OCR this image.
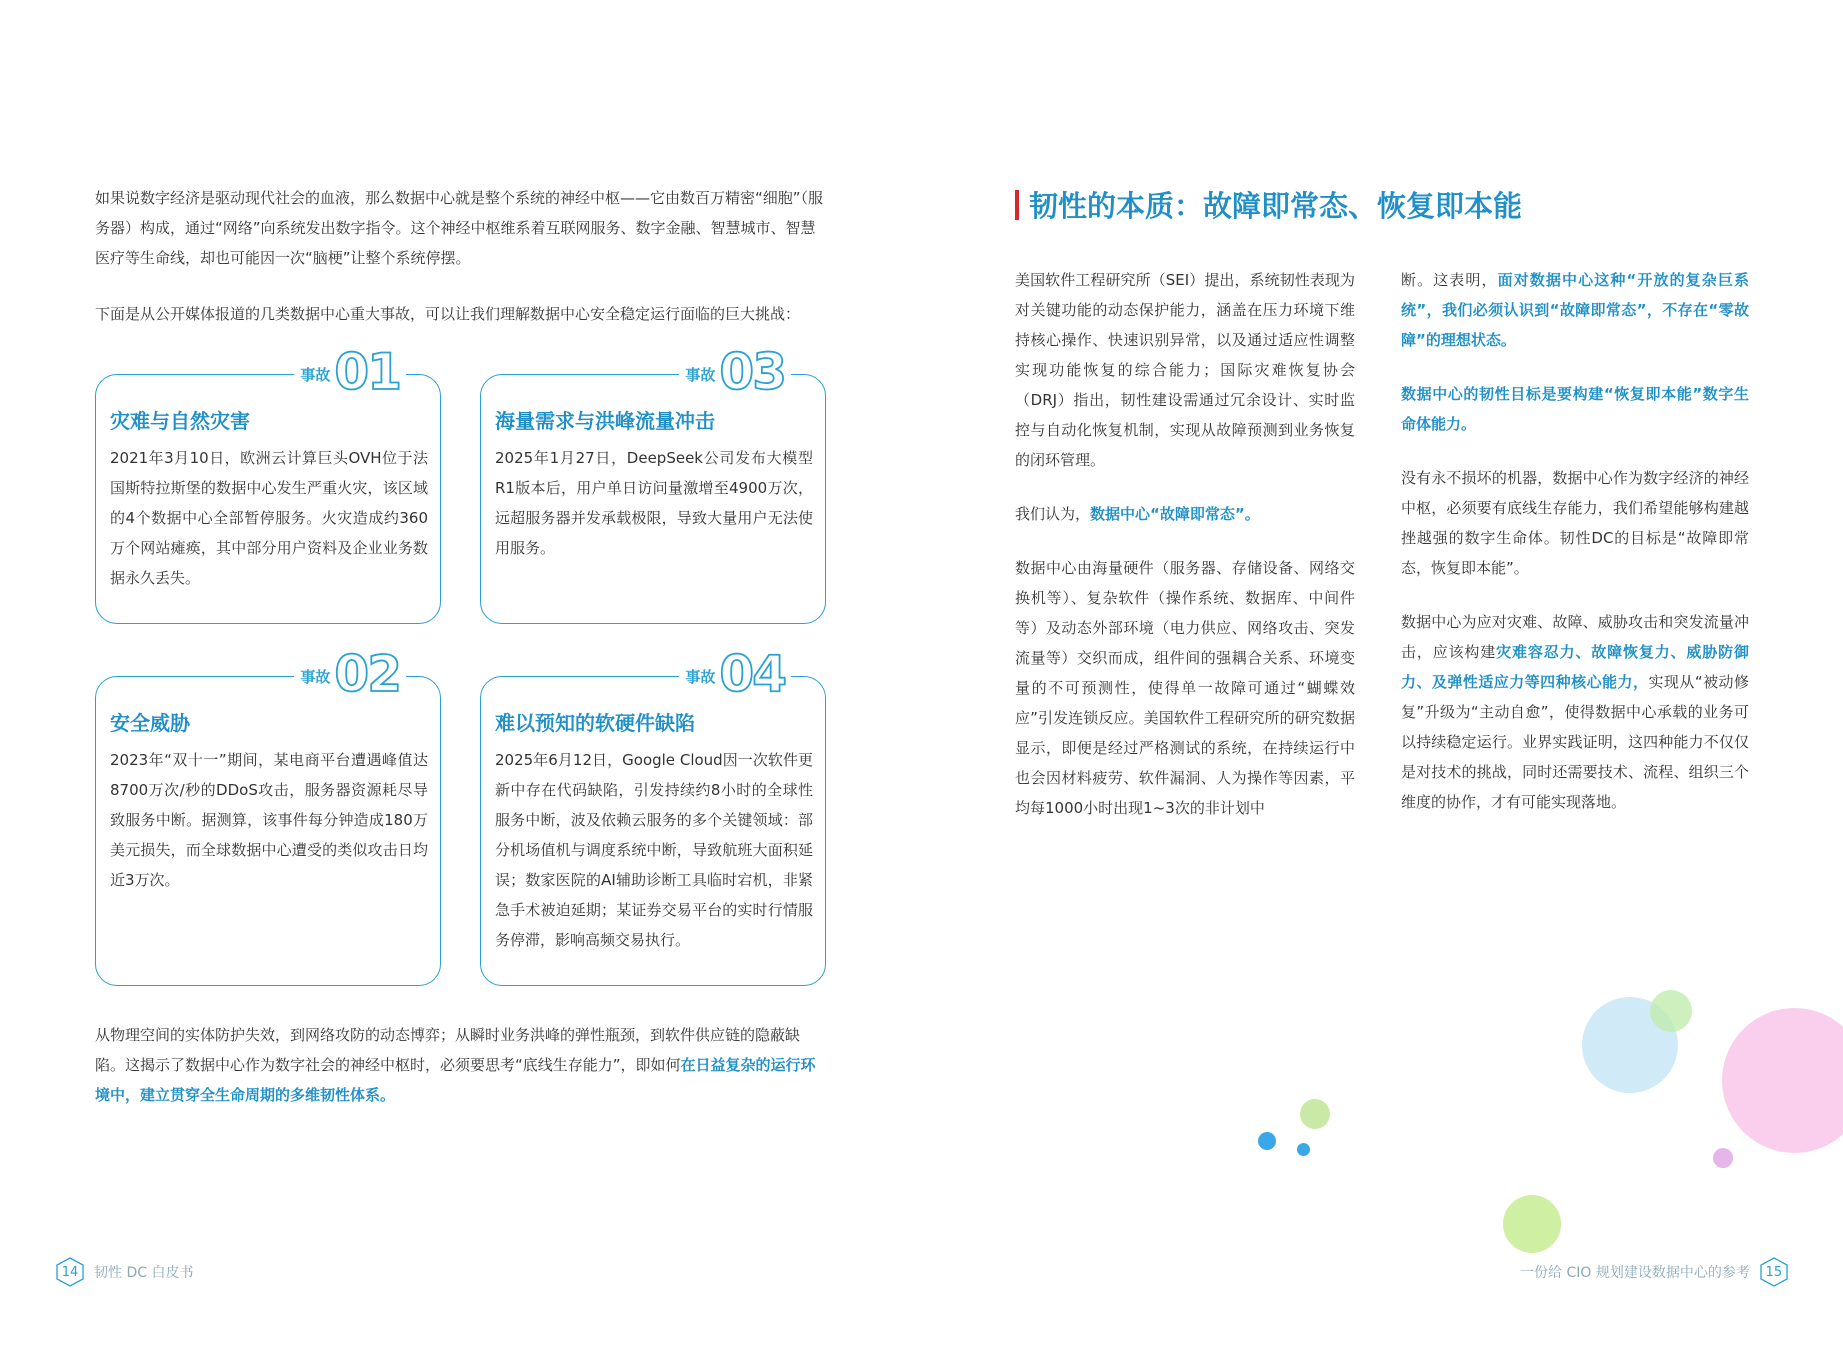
如果说数字经济是驱动现代社会的血液，那么数据中心就是整个系统的神经中枢——它由数百万精密“细胞”（服务器）构成，通过“网络”向系统发出数字指令。这个神经中枢维系着互联网服务、数字金融、智慧城市、智慧医疗等生命线，却也可能因一次“脑梗”让整个系统停摆。
下面是从公开媒体报道的几类数据中心重大事故，可以让我们理解数据中心安全稳定运行面临的巨大挑战：
事故 01
灾难与自然灾害
2021年3月10日，欧洲云计算巨头OVH位于法国斯特拉斯堡的数据中心发生严重火灾，该区域的4个数据中心全部暂停服务。火灾造成约360万个网站瘫痪，其中部分用户资料及企业业务数据永久丢失。
事故 03
海量需求与洪峰流量冲击
2025年1月27日，DeepSeek公司发布大模型R1版本后，用户单日访问量激增至4900万次，远超服务器并发承载极限，导致大量用户无法使用服务。
事故 02
安全威胁
2023年“双十一”期间，某电商平台遭遇峰值达8700万次/秒的DDoS攻击，服务器资源耗尽导致服务中断。据测算，该事件每分钟造成180万美元损失，而全球数据中心遭受的类似攻击日均近3万次。
事故 04
难以预知的软硬件缺陷
2025年6月12日，Google Cloud因一次软件更新中存在代码缺陷，引发持续约8小时的全球性服务中断，波及依赖云服务的多个关键领域：部分机场值机与调度系统中断，导致航班大面积延误；数家医院的AI辅助诊断工具临时宕机，非紧急手术被迫延期；某证券交易平台的实时行情服务停滞，影响高频交易执行。
从物理空间的实体防护失效，到网络攻防的动态博弈；从瞬时业务洪峰的弹性瓶颈，到软件供应链的隐蔽缺陷。这揭示了数据中心作为数字社会的神经中枢时，必须要思考“底线生存能力”，即如何在日益复杂的运行环境中，建立贯穿全生命周期的多维韧性体系。
14 韧性 DC 白皮书
韧性的本质：故障即常态、恢复即本能

美国软件工程研究所（SEI）提出，系统韧性表现为对关键功能的动态保护能力，涵盖在压力环境下维持核心操作、快速识别异常，以及通过适应性调整实现功能恢复的综合能力；国际灾难恢复协会（DRJ）指出，韧性建设需通过冗余设计、实时监控与自动化恢复机制，实现从故障预测到业务恢复的闭环管理。

我们认为，数据中心“故障即常态”。

数据中心由海量硬件（服务器、存储设备、网络交换机等）、复杂软件（操作系统、数据库、中间件等）及动态外部环境（电力供应、网络攻击、突发流量等）交织而成，组件间的强耦合关系、环境变量的不可预测性，使得单一故障可通过“蝴蝶效应”引发连锁反应。美国软件工程研究所的研究数据显示，即便是经过严格测试的系统，在持续运行中也会因材料疲劳、软件漏洞、人为操作等因素，平均每1000小时出现1~3次的非计划中

断。这表明，面对数据中心这种“开放的复杂巨系统”，我们必须认识到“故障即常态”，不存在“零故障”的理想状态。

数据中心的韧性目标是要构建“恢复即本能”数字生命体能力。

没有永不损坏的机器，数据中心作为数字经济的神经中枢，必须要有底线生存能力，我们希望能够构建越挫越强的数字生命体。韧性DC的目标是“故障即常态，恢复即本能”。

数据中心为应对灾难、故障、威胁攻击和突发流量冲击，应该构建灾难容忍力、故障恢复力、威胁防御力、及弹性适应力等四种核心能力，实现从“被动修复”升级为“主动自愈”，使得数据中心承载的业务可以持续稳定运行。业界实践证明，这四种能力不仅仅是对技术的挑战，同时还需要技术、流程、组织三个维度的协作，才有可能实现落地。

一份给 CIO 规划建设数据中心的参考 15
